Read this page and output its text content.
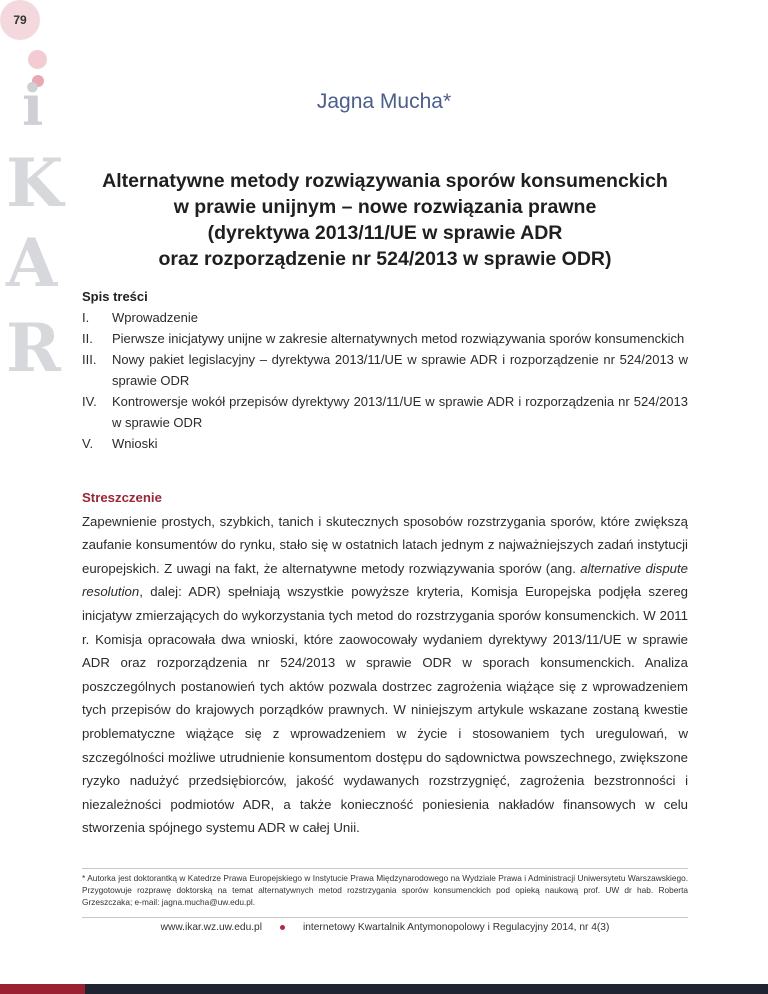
79
i
K
A
R
Jagna Mucha*
Alternatywne metody rozwiązywania sporów konsumenckich
w prawie unijnym – nowe rozwiązania prawne
(dyrektywa 2013/11/UE w sprawie ADR
oraz rozporządzenie nr 524/2013 w sprawie ODR)
Spis treści
I.	Wprowadzenie
II.	Pierwsze inicjatywy unijne w zakresie alternatywnych metod rozwiązywania sporów konsumenckich
III.	Nowy pakiet legislacyjny – dyrektywa 2013/11/UE w sprawie ADR i rozporządzenie nr 524/2013 w sprawie ODR
IV.	Kontrowersje wokół przepisów dyrektywy 2013/11/UE w sprawie ADR i rozporządzenia nr 524/2013 w sprawie ODR
V.	Wnioski
Streszczenie

Zapewnienie prostych, szybkich, tanich i skutecznych sposobów rozstrzygania sporów, które zwiększą zaufanie konsumentów do rynku, stało się w ostatnich latach jednym z najważniejszych zadań instytucji europejskich. Z uwagi na fakt, że alternatywne metody rozwiązywania sporów (ang. alternative dispute resolution, dalej: ADR) spełniają wszystkie powyższe kryteria, Komisja Europejska podjęła szereg inicjatyw zmierzających do wykorzystania tych metod do rozstrzygania sporów konsumenckich. W 2011 r. Komisja opracowała dwa wnioski, które zaowocowały wydaniem dyrektywy 2013/11/UE w sprawie ADR oraz rozporządzenia nr 524/2013 w sprawie ODR w sporach konsumenckich. Analiza poszczególnych postanowień tych aktów pozwala dostrzec zagrożenia wiążące się z wprowadzeniem tych przepisów do krajowych porządków prawnych. W niniejszym artykule wskazane zostaną kwestie problematyczne wiążące się z wprowadzeniem w życie i stosowaniem tych uregulowań, w szczególności możliwe utrudnienie konsumentom dostępu do sądownictwa powszechnego, zwiększone ryzyko nadużyć przedsiębiorców, jakość wydawanych rozstrzygnięć, zagrożenia bezstronności i niezależności podmiotów ADR, a także konieczność poniesienia nakładów finansowych w celu stworzenia spójnego systemu ADR w całej Unii.

* Autorka jest doktorantką w Katedrze Prawa Europejskiego w Instytucie Prawa Międzynarodowego na Wydziale Prawa i Administracji Uniwersytetu Warszawskiego. Przygotowuje rozprawę doktorską na temat alternatywnych metod rozstrzygania sporów konsumenckich pod opieką naukową prof. UW dr hab. Roberta Grzeszczaka; e-mail: jagna.mucha@uw.edu.pl.
www.ikar.wz.uw.edu.pl	internetowy Kwartalnik Antymonopolowy i Regulacyjny 2014, nr 4(3)
